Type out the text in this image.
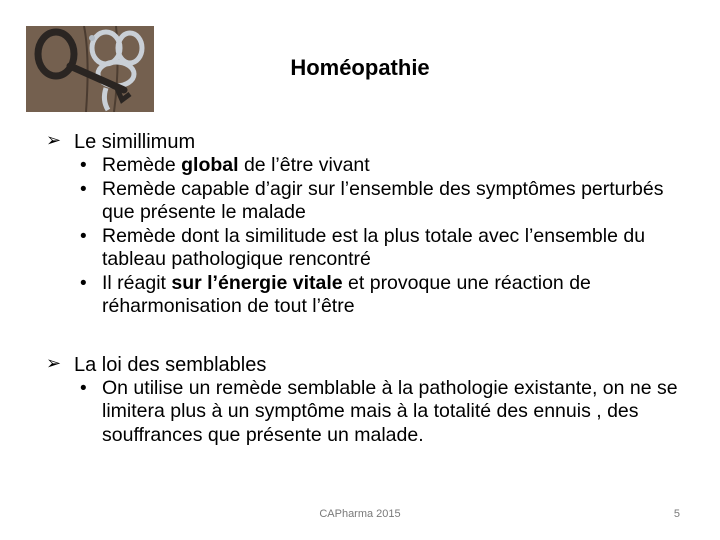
Homéopathie
➢ Le simillimum
• Remède global de l’être vivant
• Remède capable d’agir sur l’ensemble des symptômes perturbés que présente le malade
• Remède dont la similitude est la plus totale avec l’ensemble du tableau pathologique rencontré
• Il réagit sur l’énergie vitale et provoque une réaction de réharmonisation de tout l’être
➢ La loi des semblables
• On utilise un remède semblable à la pathologie existante, on ne se limitera plus à un symptôme mais à la totalité des ennuis , des souffrances que présente un malade.
CAPharma 2015	5
